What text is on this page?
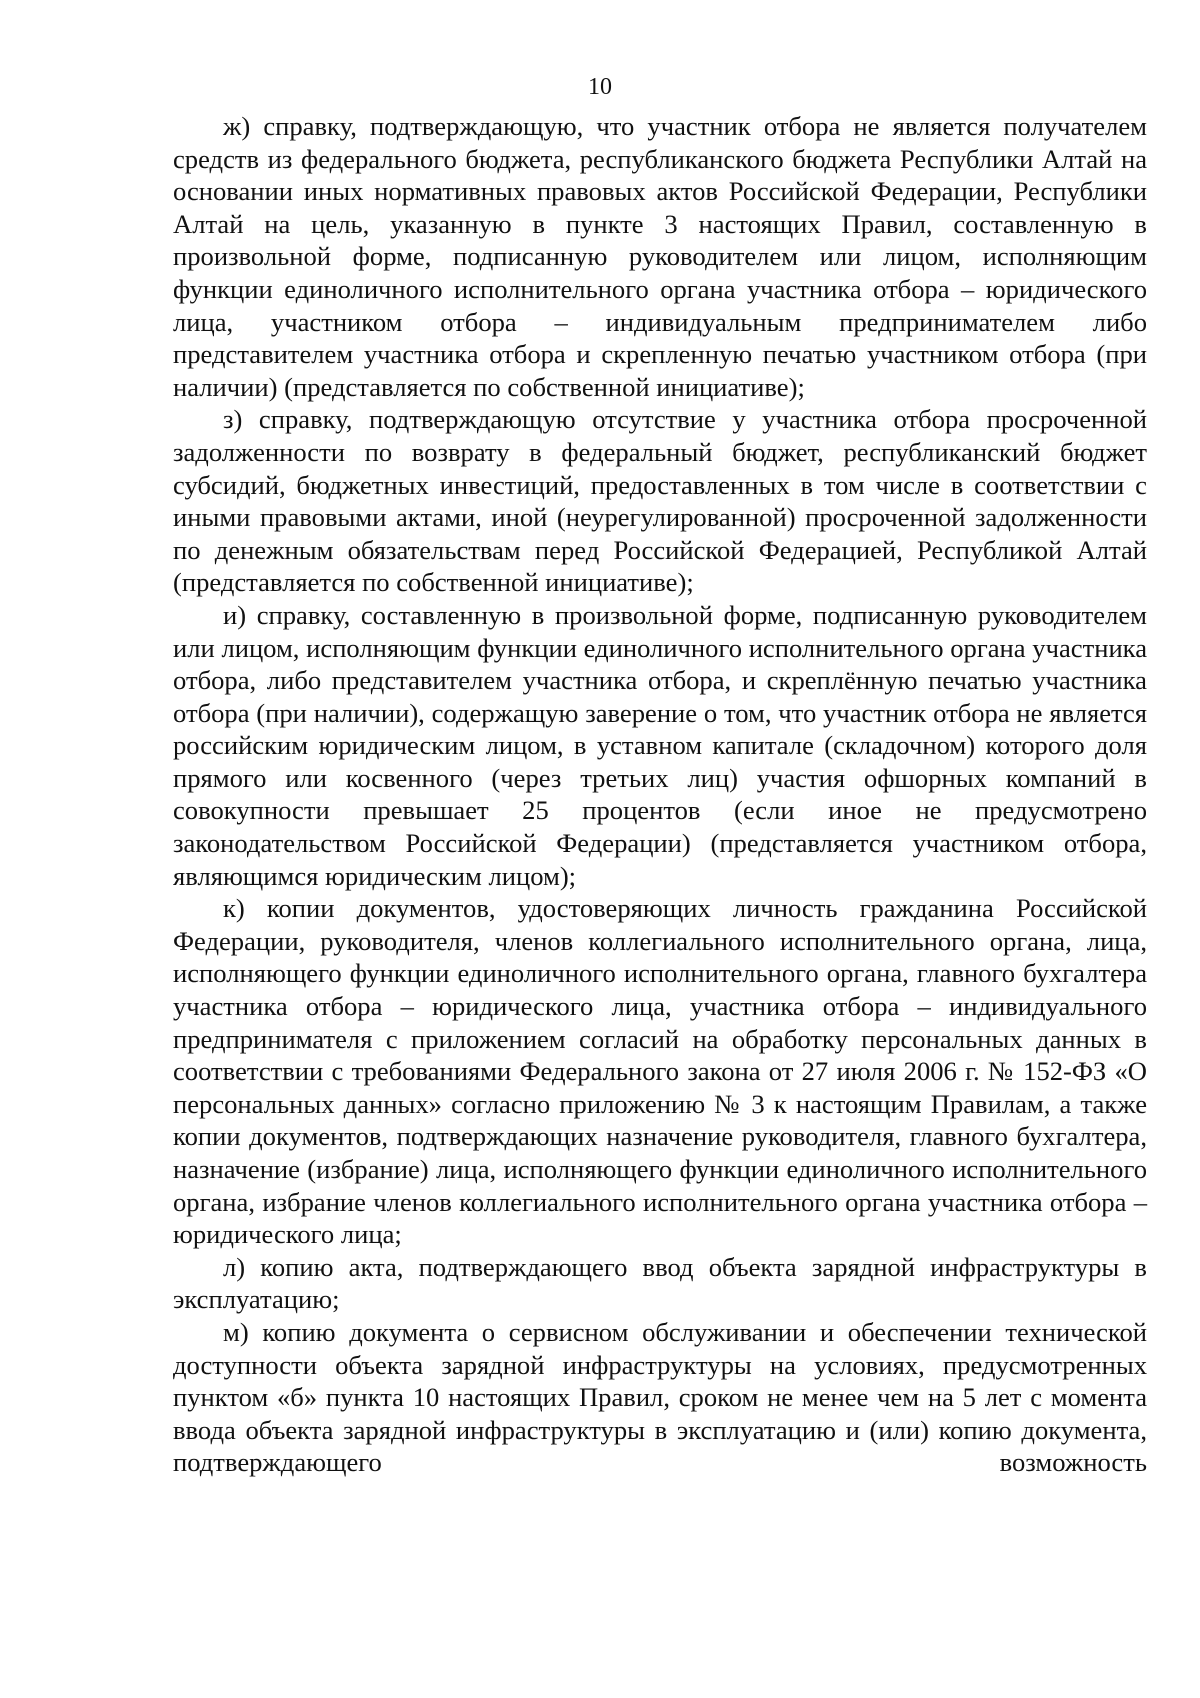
10

ж) справку, подтверждающую, что участник отбора не является получателем средств из федерального бюджета, республиканского бюджета Республики Алтай на основании иных нормативных правовых актов Российской Федерации, Республики Алтай на цель, указанную в пункте 3 настоящих Правил, составленную в произвольной форме, подписанную руководителем или лицом, исполняющим функции единоличного исполнительного органа участника отбора – юридического лица, участником отбора – индивидуальным предпринимателем либо представителем участника отбора и скрепленную печатью участником отбора (при наличии) (представляется по собственной инициативе);

з) справку, подтверждающую отсутствие у участника отбора просроченной задолженности по возврату в федеральный бюджет, республиканский бюджет субсидий, бюджетных инвестиций, предоставленных в том числе в соответствии с иными правовыми актами, иной (неурегулированной) просроченной задолженности по денежным обязательствам перед Российской Федерацией, Республикой Алтай (представляется по собственной инициативе);

и) справку, составленную в произвольной форме, подписанную руководителем или лицом, исполняющим функции единоличного исполнительного органа участника отбора, либо представителем участника отбора, и скреплённую печатью участника отбора (при наличии), содержащую заверение о том, что участник отбора не является российским юридическим лицом, в уставном капитале (складочном) которого доля прямого или косвенного (через третьих лиц) участия офшорных компаний в совокупности превышает 25 процентов (если иное не предусмотрено законодательством Российской Федерации) (представляется участником отбора, являющимся юридическим лицом);

к) копии документов, удостоверяющих личность гражданина Российской Федерации, руководителя, членов коллегиального исполнительного органа, лица, исполняющего функции единоличного исполнительного органа, главного бухгалтера участника отбора – юридического лица, участника отбора – индивидуального предпринимателя с приложением согласий на обработку персональных данных в соответствии с требованиями Федерального закона от 27 июля 2006 г. № 152-ФЗ «О персональных данных» согласно приложению № 3 к настоящим Правилам, а также копии документов, подтверждающих назначение руководителя, главного бухгалтера, назначение (избрание) лица, исполняющего функции единоличного исполнительного органа, избрание членов коллегиального исполнительного органа участника отбора – юридического лица;

л) копию акта, подтверждающего ввод объекта зарядной инфраструктуры в эксплуатацию;

м) копию документа о сервисном обслуживании и обеспечении технической доступности объекта зарядной инфраструктуры на условиях, предусмотренных пунктом «б» пункта 10 настоящих Правил, сроком не менее чем на 5 лет с момента ввода объекта зарядной инфраструктуры в эксплуатацию и (или) копию документа, подтверждающего возможность
